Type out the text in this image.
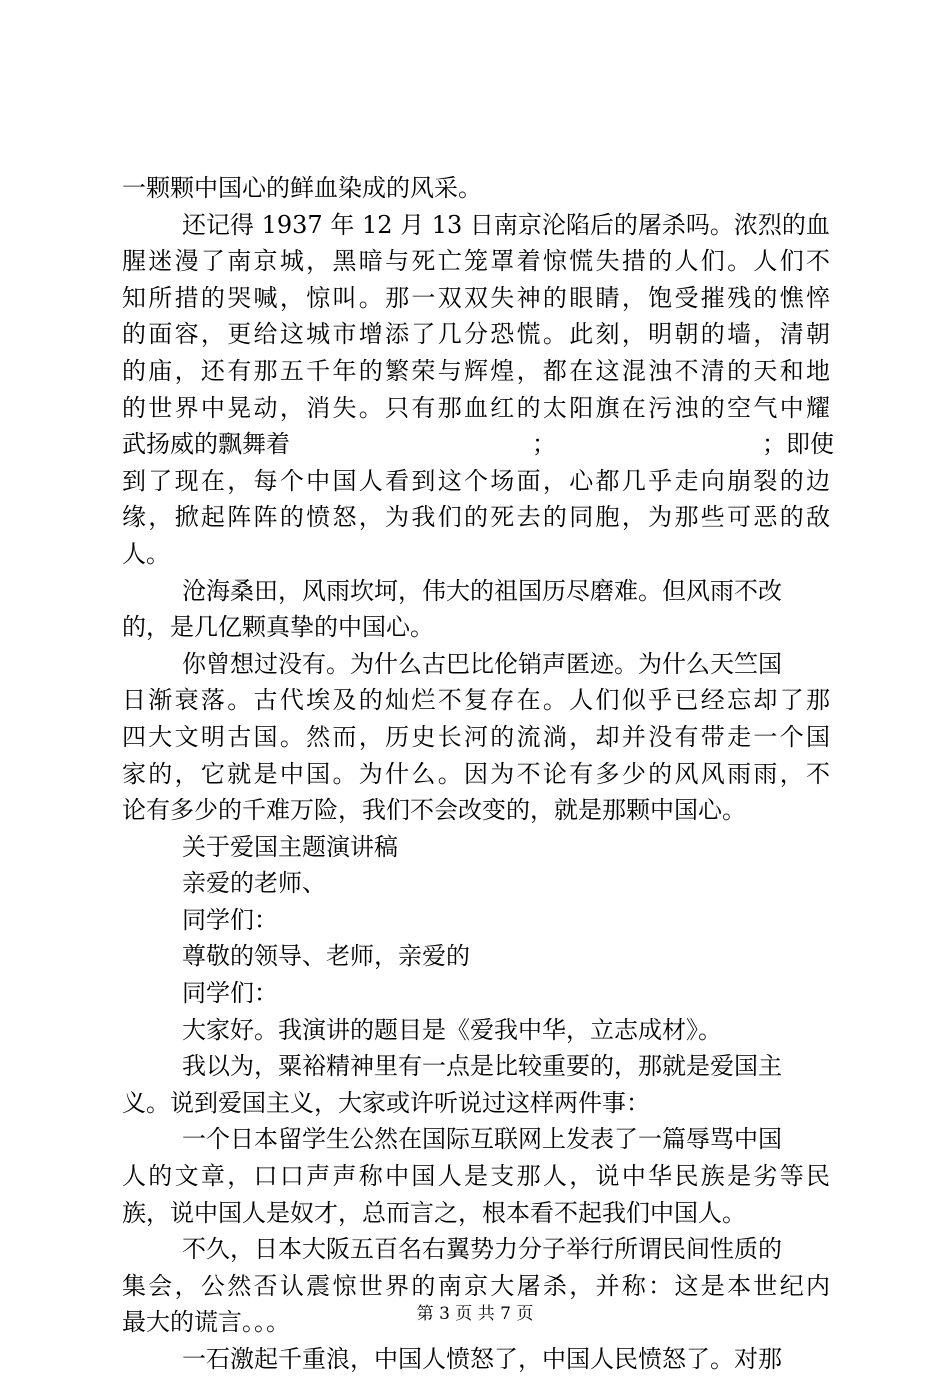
一颗颗中国心的鲜血染成的风采。
还记得 1937 年 12 月 13 日南京沦陷后的屠杀吗。浓烈的血
腥迷漫了南京城，黑暗与死亡笼罩着惊慌失措的人们。人们不
知所措的哭喊，惊叫。那一双双失神的眼睛，饱受摧残的憔悴
的面容，更给这城市增添了几分恐慌。此刻，明朝的墙，清朝
的庙，还有那五千年的繁荣与辉煌，都在这混浊不清的天和地
的世界中晃动，消失。只有那血红的太阳旗在污浊的空气中耀
武扬威的飘舞着	；	；即使
到了现在，每个中国人看到这个场面，心都几乎走向崩裂的边
缘，掀起阵阵的愤怒，为我们的死去的同胞，为那些可恶的敌
人。
沧海桑田，风雨坎坷，伟大的祖国历尽磨难。但风雨不改
的，是几亿颗真挚的中国心。
你曾想过没有。为什么古巴比伦销声匿迹。为什么天竺国
日渐衰落。古代埃及的灿烂不复存在。人们似乎已经忘却了那
四大文明古国。然而，历史长河的流淌，却并没有带走一个国
家的，它就是中国。为什么。因为不论有多少的风风雨雨，不
论有多少的千难万险，我们不会改变的，就是那颗中国心。
关于爱国主题演讲稿
亲爱的老师、
同学们：
尊敬的领导、老师，亲爱的
同学们：
大家好。我演讲的题目是《爱我中华，立志成材》。
我以为，粟裕精神里有一点是比较重要的，那就是爱国主
义。说到爱国主义，大家或许听说过这样两件事：
一个日本留学生公然在国际互联网上发表了一篇辱骂中国
人的文章，口口声声称中国人是支那人，说中华民族是劣等民
族，说中国人是奴才，总而言之，根本看不起我们中国人。
不久，日本大阪五百名右翼势力分子举行所谓民间性质的
集会，公然否认震惊世界的南京大屠杀，并称：这是本世纪内
最大的谎言。。。
一石激起千重浪，中国人愤怒了，中国人民愤怒了。对那
第 3 页 共 7 页
